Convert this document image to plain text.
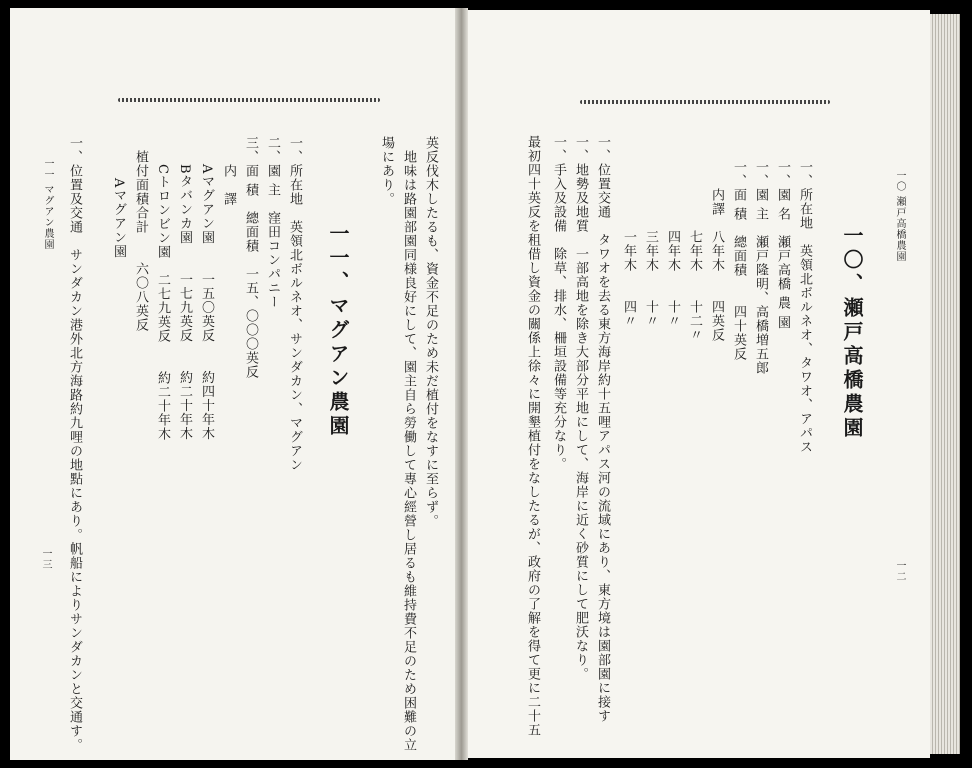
英反伐木したるも、資金不足のため未だ植付をなすに至らず。
　地味は路園部園同様良好にして、園主自ら勞働して專心經營し居るも維持費不足のため困難の立
場にあり。
一一、マグアン農園
一、所在地　英領北ボルネオ、サンダカン、マグアン
二、園 主　窪田コンパニー
三、面 積　總面積　一五、〇〇〇英反
　　内　譯
　　Aマグアン園　　一五〇英反　　約四十年木
　　Bタバンカ園　　一七九英反　　約二十年木
　　Cトロンビン園　二七九英反　　約二十年木
　植付面積合計　　六〇八英反
　　　Aマグアン園
一、位置及交通　サンダカン港外北方海路約九哩の地點にあり。帆船によりサンダカンと交通す。
一三
一一 マグアン農園	一〇 瀬戸高橋農園
一二
一〇、瀬戸高橋農園
一、所在地　英領北ボルネオ、タワオ、アパス
一、園 名　瀬戸高橋 農 園
一、園 主　瀬戸隆明、高橋増五郎
一、面 積　總面積　　四十英反
　　内譯　八年木　　四英反
　　　　　七年木　　十二〃
　　　　　四年木　　十〃
　　　　　三年木　　十〃
　　　　　一年木　　四〃
一、位置交通　タワオを去る東方海岸約十五哩アパス河の流域にあり、東方境は園部園に接す
一、地勢及地質　一部高地を除き大部分平地にして、海岸に近く砂質にして肥沃なり。
一、手入及設備　除草、排水、柵垣設備等充分なり。
最初四十英反を租借し資金の關係上徐々に開墾植付をなしたるが、政府の了解を得て更に二十五
